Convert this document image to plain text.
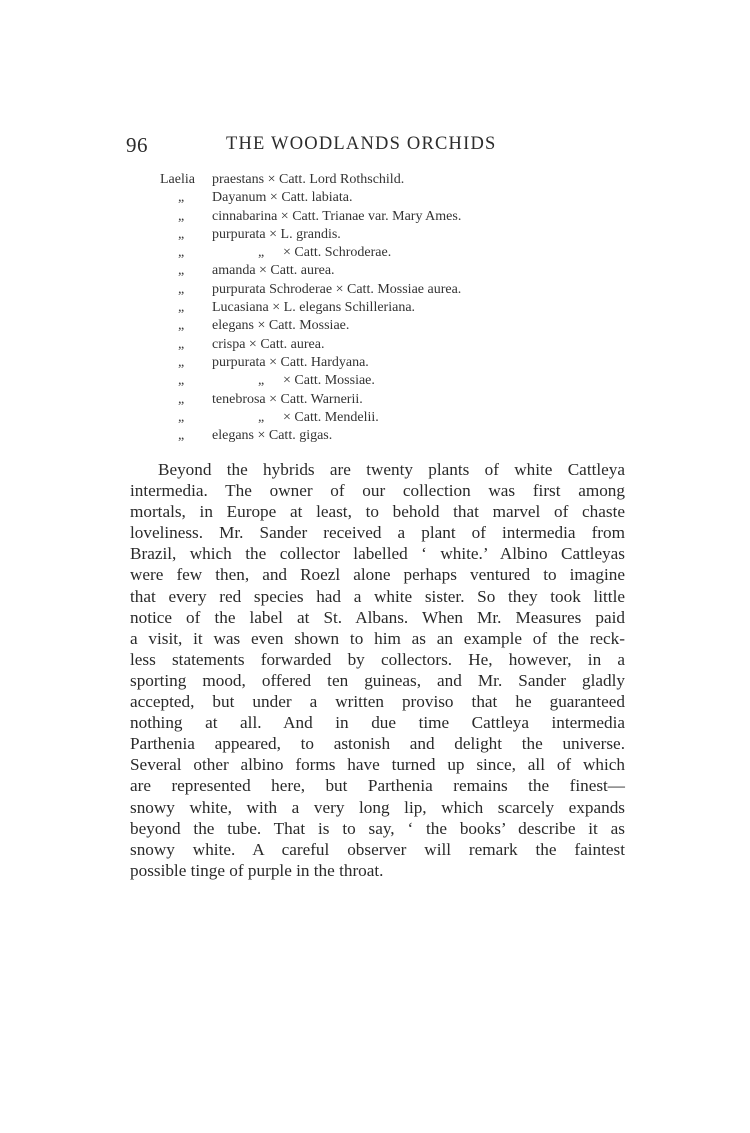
96	THE WOODLANDS ORCHIDS
Laelia praestans × Catt. Lord Rothschild.
„ Dayanum × Catt. labiata.
„ cinnabarina × Catt. Trianae var. Mary Ames.
„ purpurata × L. grandis.
„	„ × Catt. Schroderae.
„ amanda × Catt. aurea.
„ purpurata Schroderae × Catt. Mossiae aurea.
„ Lucasiana × L. elegans Schilleriana.
„ elegans × Catt. Mossiae.
„ crispa × Catt. aurea.
„ purpurata × Catt. Hardyana.
„	„ × Catt. Mossiae.
„ tenebrosa × Catt. Warnerii.
„	„ × Catt. Mendelii.
„ elegans × Catt. gigas.
Beyond the hybrids are twenty plants of white Cattleya
intermedia. The owner of our collection was first among
mortals, in Europe at least, to behold that marvel of chaste
loveliness. Mr. Sander received a plant of intermedia from
Brazil, which the collector labelled ‘ white.’ Albino Cattleyas
were few then, and Roezl alone perhaps ventured to imagine
that every red species had a white sister. So they took little
notice of the label at St. Albans. When Mr. Measures paid
a visit, it was even shown to him as an example of the reck-
less statements forwarded by collectors. He, however, in a
sporting mood, offered ten guineas, and Mr. Sander gladly
accepted, but under a written proviso that he guaranteed
nothing at all. And in due time Cattleya intermedia
Parthenia appeared, to astonish and delight the universe.
Several other albino forms have turned up since, all of which
are represented here, but Parthenia remains the finest—
snowy white, with a very long lip, which scarcely expands
beyond the tube. That is to say, ‘ the books’ describe it as
snowy white. A careful observer will remark the faintest
possible tinge of purple in the throat.
